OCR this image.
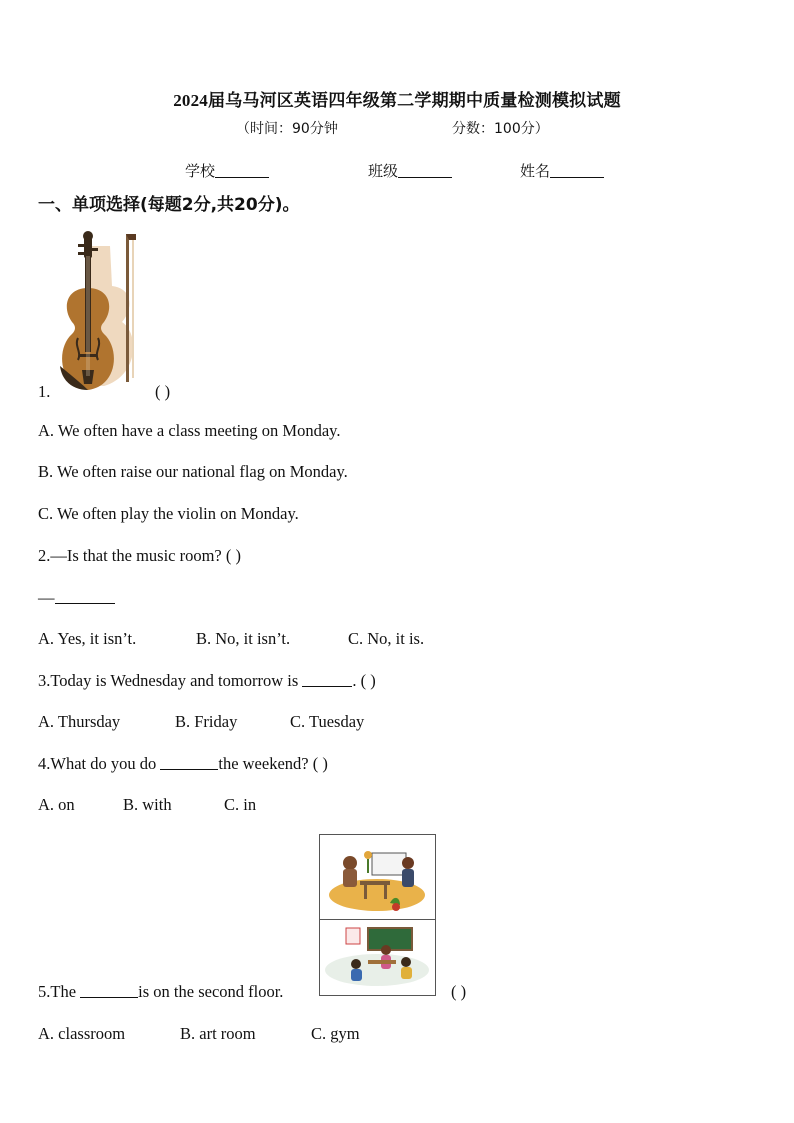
2024届乌马河区英语四年级第二学期期中质量检测模拟试题
（时间：90分钟	分数：100分）
学校	班级	姓名
一、单项选择(每题2分,共20分)。
1.	( )
A. We often have a class meeting on Monday.
B. We often raise our national flag on Monday.
C. We often play the violin on Monday.
2.—Is that the music room? ( )
—
A. Yes, it isn’t.	B. No, it isn’t.	C. No, it is.
3.Today is Wednesday and tomorrow is	. ( )
A. Thursday	B. Friday	C. Tuesday
4.What do you do	the weekend? ( )
A. on	B. with	C. in
5.The	is on the second floor.	( )
A. classroom	B. art room	C. gym
